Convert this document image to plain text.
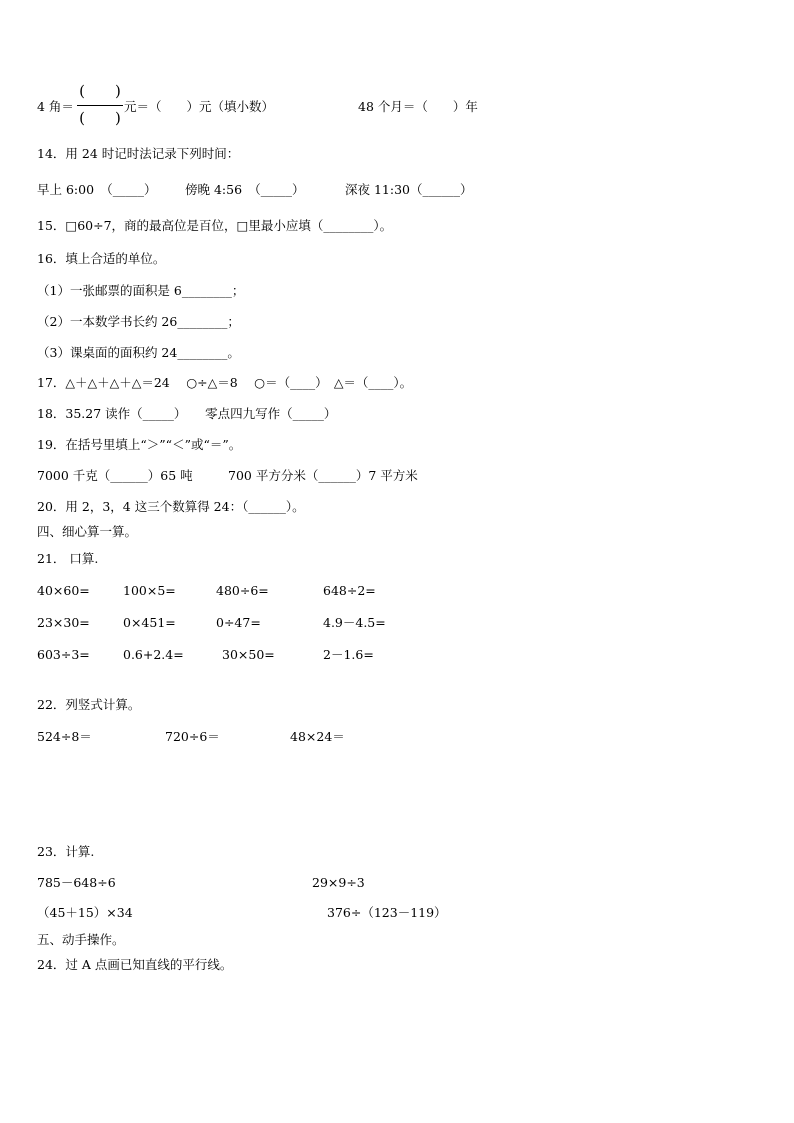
4 角＝
(　　)
(　　)
元＝（　　）元（填小数）	48 个月＝（　　）年
14．用 24 时记时法记录下列时间：
早上 6:00　（_____） 傍晚 4:56　（_____）	深夜 11:30（______）
15．□60÷7，商的最高位是百位，□里最小应填（________）。
16．填上合适的单位。
（1）一张邮票的面积是 6________；
（2）一本数学书长约 26________；
（3）课桌面的面积约 24________。
17．△＋△＋△＋△＝24　 ○÷△＝8　 ○＝（____）　△＝（____）。
18．35.27 读作（_____）　　零点四九写作（_____）
19．在括号里填上“＞”“＜”或“＝”。
7000 千克（______）65 吨	700 平方分米（______）7 平方米
20．用 2，3，4 这三个数算得 24：（______）。
四、细心算一算。
21． 口算.
40×60=	100×5=	480÷6=	648÷2=
23×30=	0×451=	0÷47=	4.9－4.5=
603÷3=	0.6+2.4=	30×50=	2－1.6=
22．列竖式计算。
524÷8＝	720÷6＝	48×24＝
23．计算.
785－648÷6	29×9÷3
（45＋15）×34	376÷（123－119）
五、动手操作。
24．过 A 点画已知直线的平行线。
